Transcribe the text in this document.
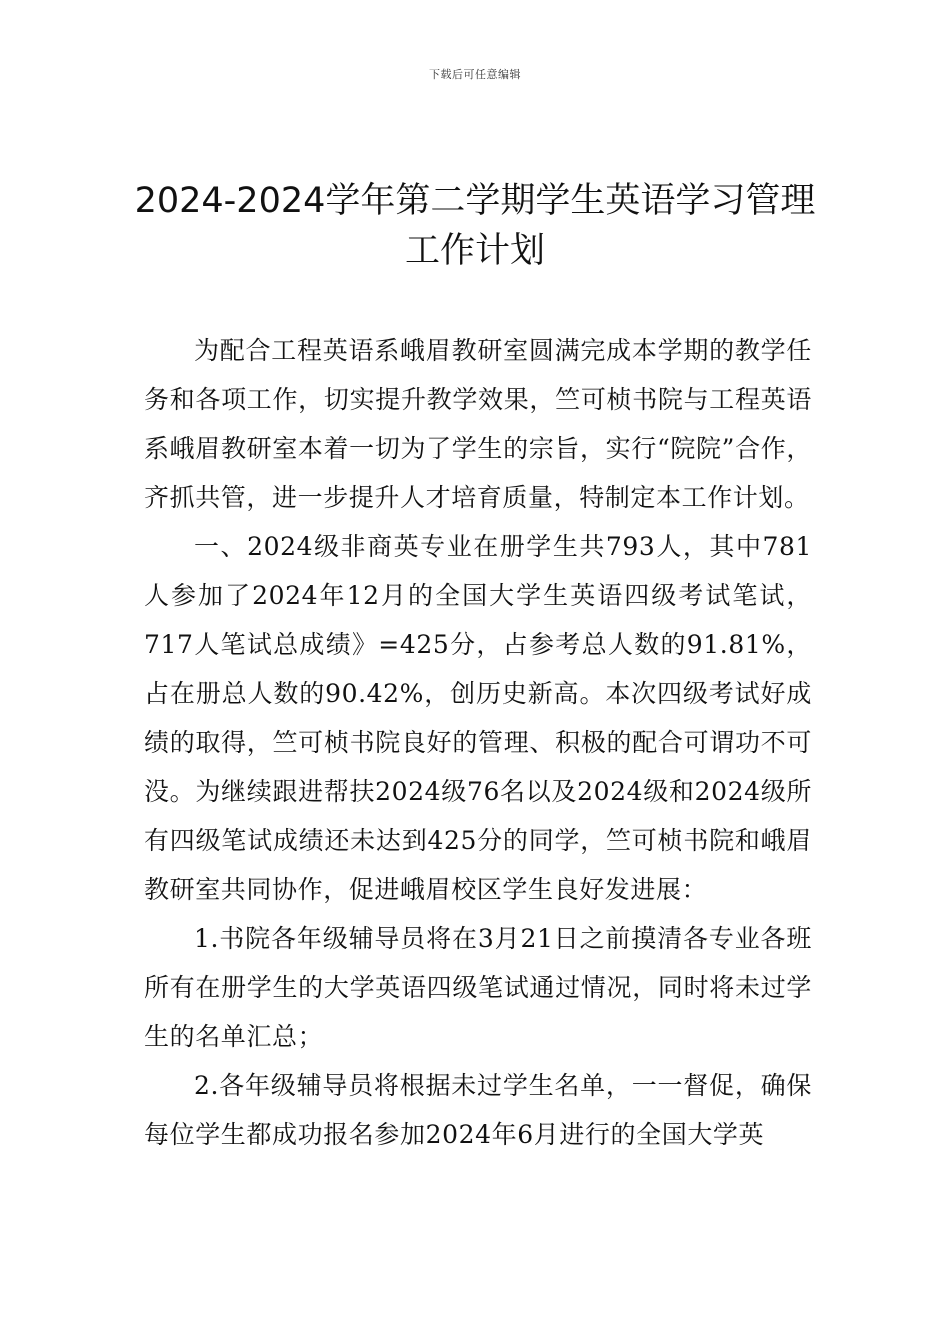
下载后可任意编辑
2024-2024学年第二学期学生英语学习管理工作计划

为配合工程英语系峨眉教研室圆满完成本学期的教学任务和各项工作，切实提升教学效果，竺可桢书院与工程英语系峨眉教研室本着一切为了学生的宗旨，实行“院院”合作，齐抓共管，进一步提升人才培育质量，特制定本工作计划。

一、2024级非商英专业在册学生共793人，其中781人参加了2024年12月的全国大学生英语四级考试笔试，717人笔试总成绩》=425分，占参考总人数的91.81%，占在册总人数的90.42%，创历史新高。本次四级考试好成绩的取得，竺可桢书院良好的管理、积极的配合可谓功不可没。为继续跟进帮扶2024级76名以及2024级和2024级所有四级笔试成绩还未达到425分的同学，竺可桢书院和峨眉教研室共同协作，促进峨眉校区学生良好发进展：

1.书院各年级辅导员将在3月21日之前摸清各专业各班所有在册学生的大学英语四级笔试通过情况，同时将未过学生的名单汇总；

2.各年级辅导员将根据未过学生名单，一一督促，确保每位学生都成功报名参加2024年6月进行的全国大学英
